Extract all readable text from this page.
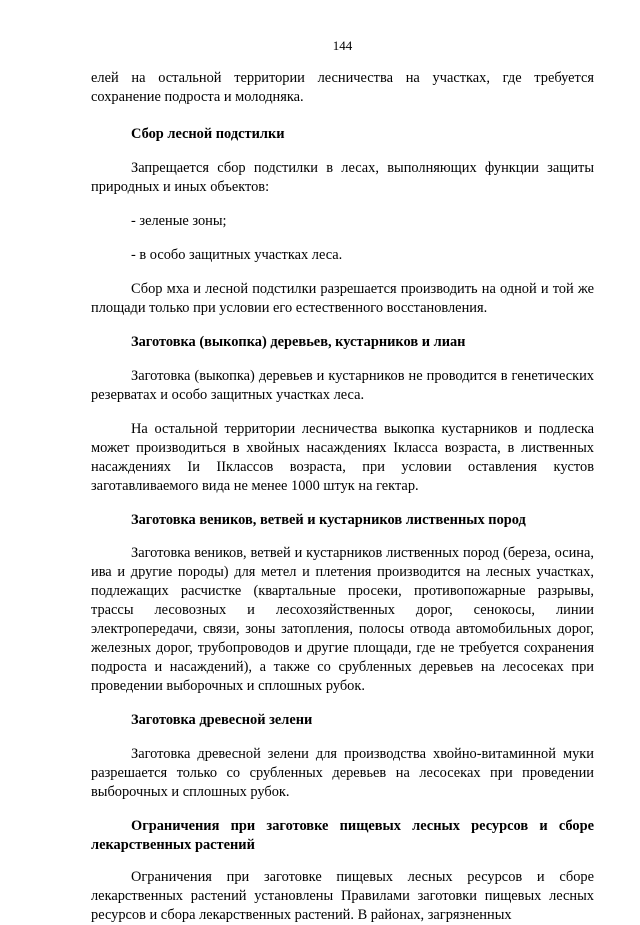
144

елей на остальной территории лесничества на участках, где требуется сохранение подроста и молодняка.

Сбор лесной подстилки

Запрещается сбор подстилки в лесах, выполняющих функции защиты природных и иных объектов:

- зеленые зоны;

- в особо защитных участках леса.

Сбор мха и лесной подстилки разрешается производить на одной и той же площади только при условии его естественного восстановления.

Заготовка (выкопка) деревьев, кустарников и лиан

Заготовка (выкопка) деревьев и кустарников не проводится в генетических резерватах и особо защитных участках леса.

На остальной территории лесничества выкопка кустарников и подлеска может производиться в хвойных насаждениях Iкласса возраста, в лиственных насаждениях Iи IIклассов возраста, при условии оставления кустов заготавливаемого вида не менее 1000 штук на гектар.

Заготовка веников, ветвей и кустарников лиственных пород

Заготовка веников, ветвей и кустарников лиственных пород (береза, осина, ива и другие породы) для метел и плетения производится на лесных участках, подлежащих расчистке (квартальные просеки, противопожарные разрывы, трассы лесовозных и лесохозяйственных дорог, сенокосы, линии электропередачи, связи, зоны затопления, полосы отвода автомобильных дорог, железных дорог, трубопроводов и другие площади, где не требуется сохранения подроста и насаждений), а также со срубленных деревьев на лесосеках при проведении выборочных и сплошных рубок.

Заготовка древесной зелени

Заготовка древесной зелени для производства хвойно-витаминной муки разрешается только со срубленных деревьев на лесосеках при проведении выборочных и сплошных рубок.

Ограничения при заготовке пищевых лесных ресурсов и сборе лекарственных растений

Ограничения при заготовке пищевых лесных ресурсов и сборе лекарственных растений установлены Правилами заготовки пищевых лесных ресурсов и сбора лекарственных растений. В районах, загрязненных
